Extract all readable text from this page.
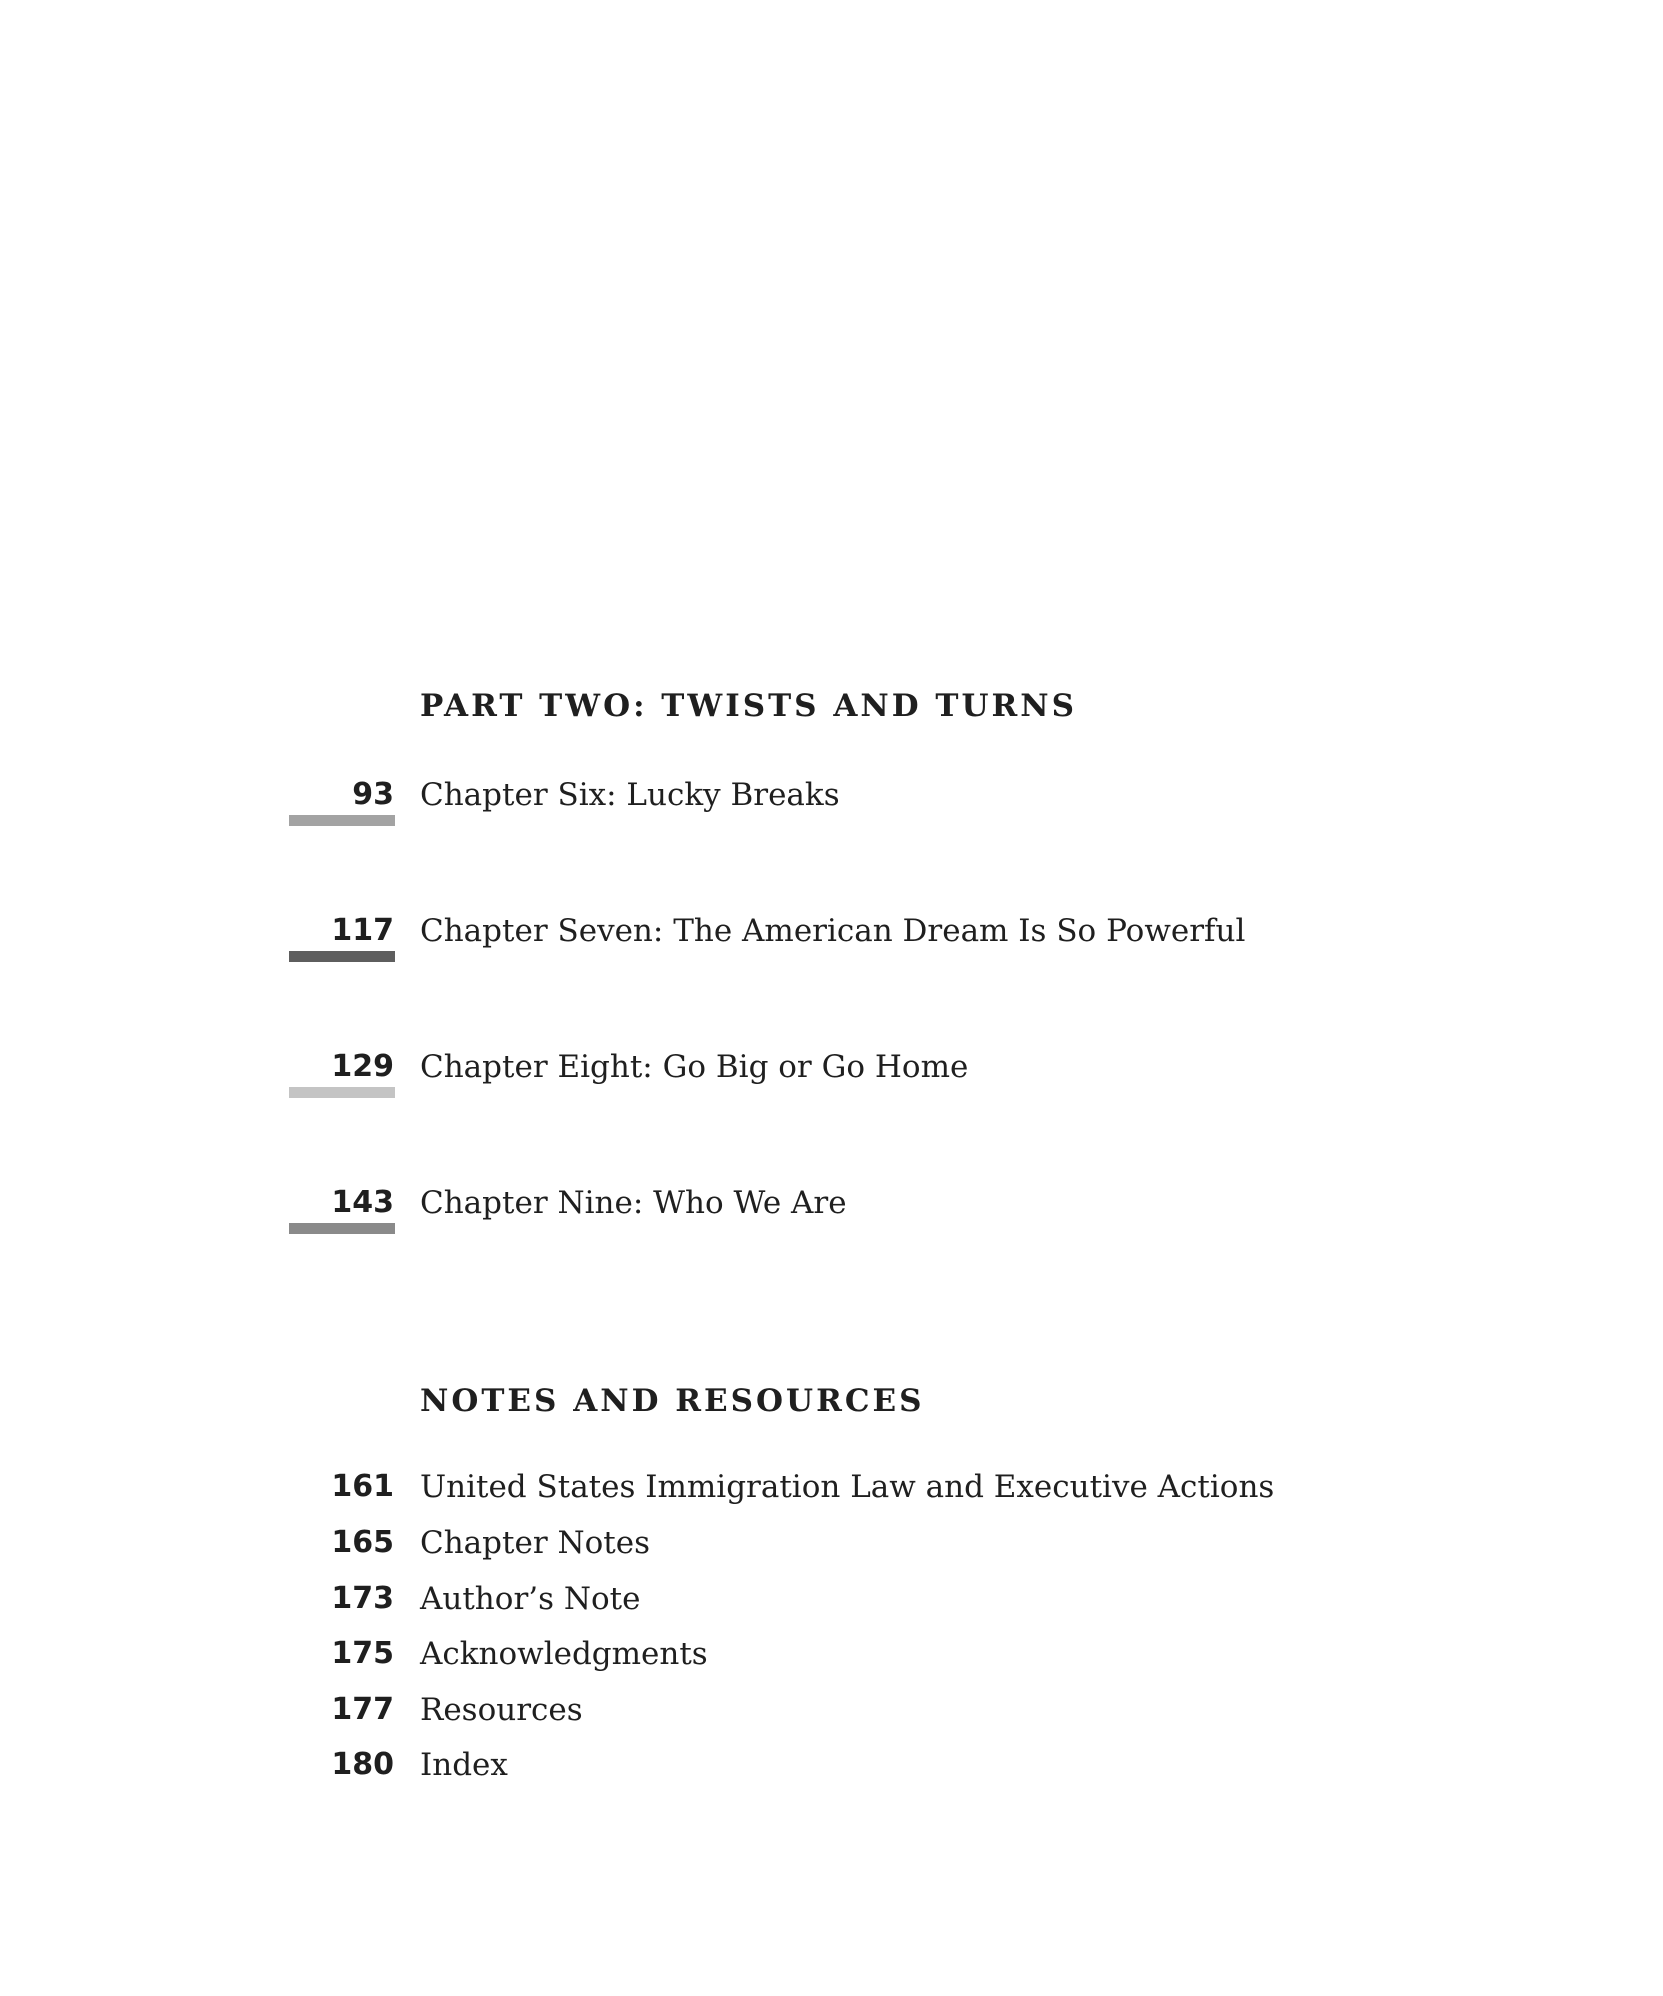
PART TWO: TWISTS AND TURNS
93 Chapter Six: Lucky Breaks
117 Chapter Seven: The American Dream Is So Powerful
129 Chapter Eight: Go Big or Go Home
143 Chapter Nine: Who We Are
NOTES AND RESOURCES
161 United States Immigration Law and Executive Actions
165 Chapter Notes
173 Author’s Note
175 Acknowledgments
177 Resources
180 Index
